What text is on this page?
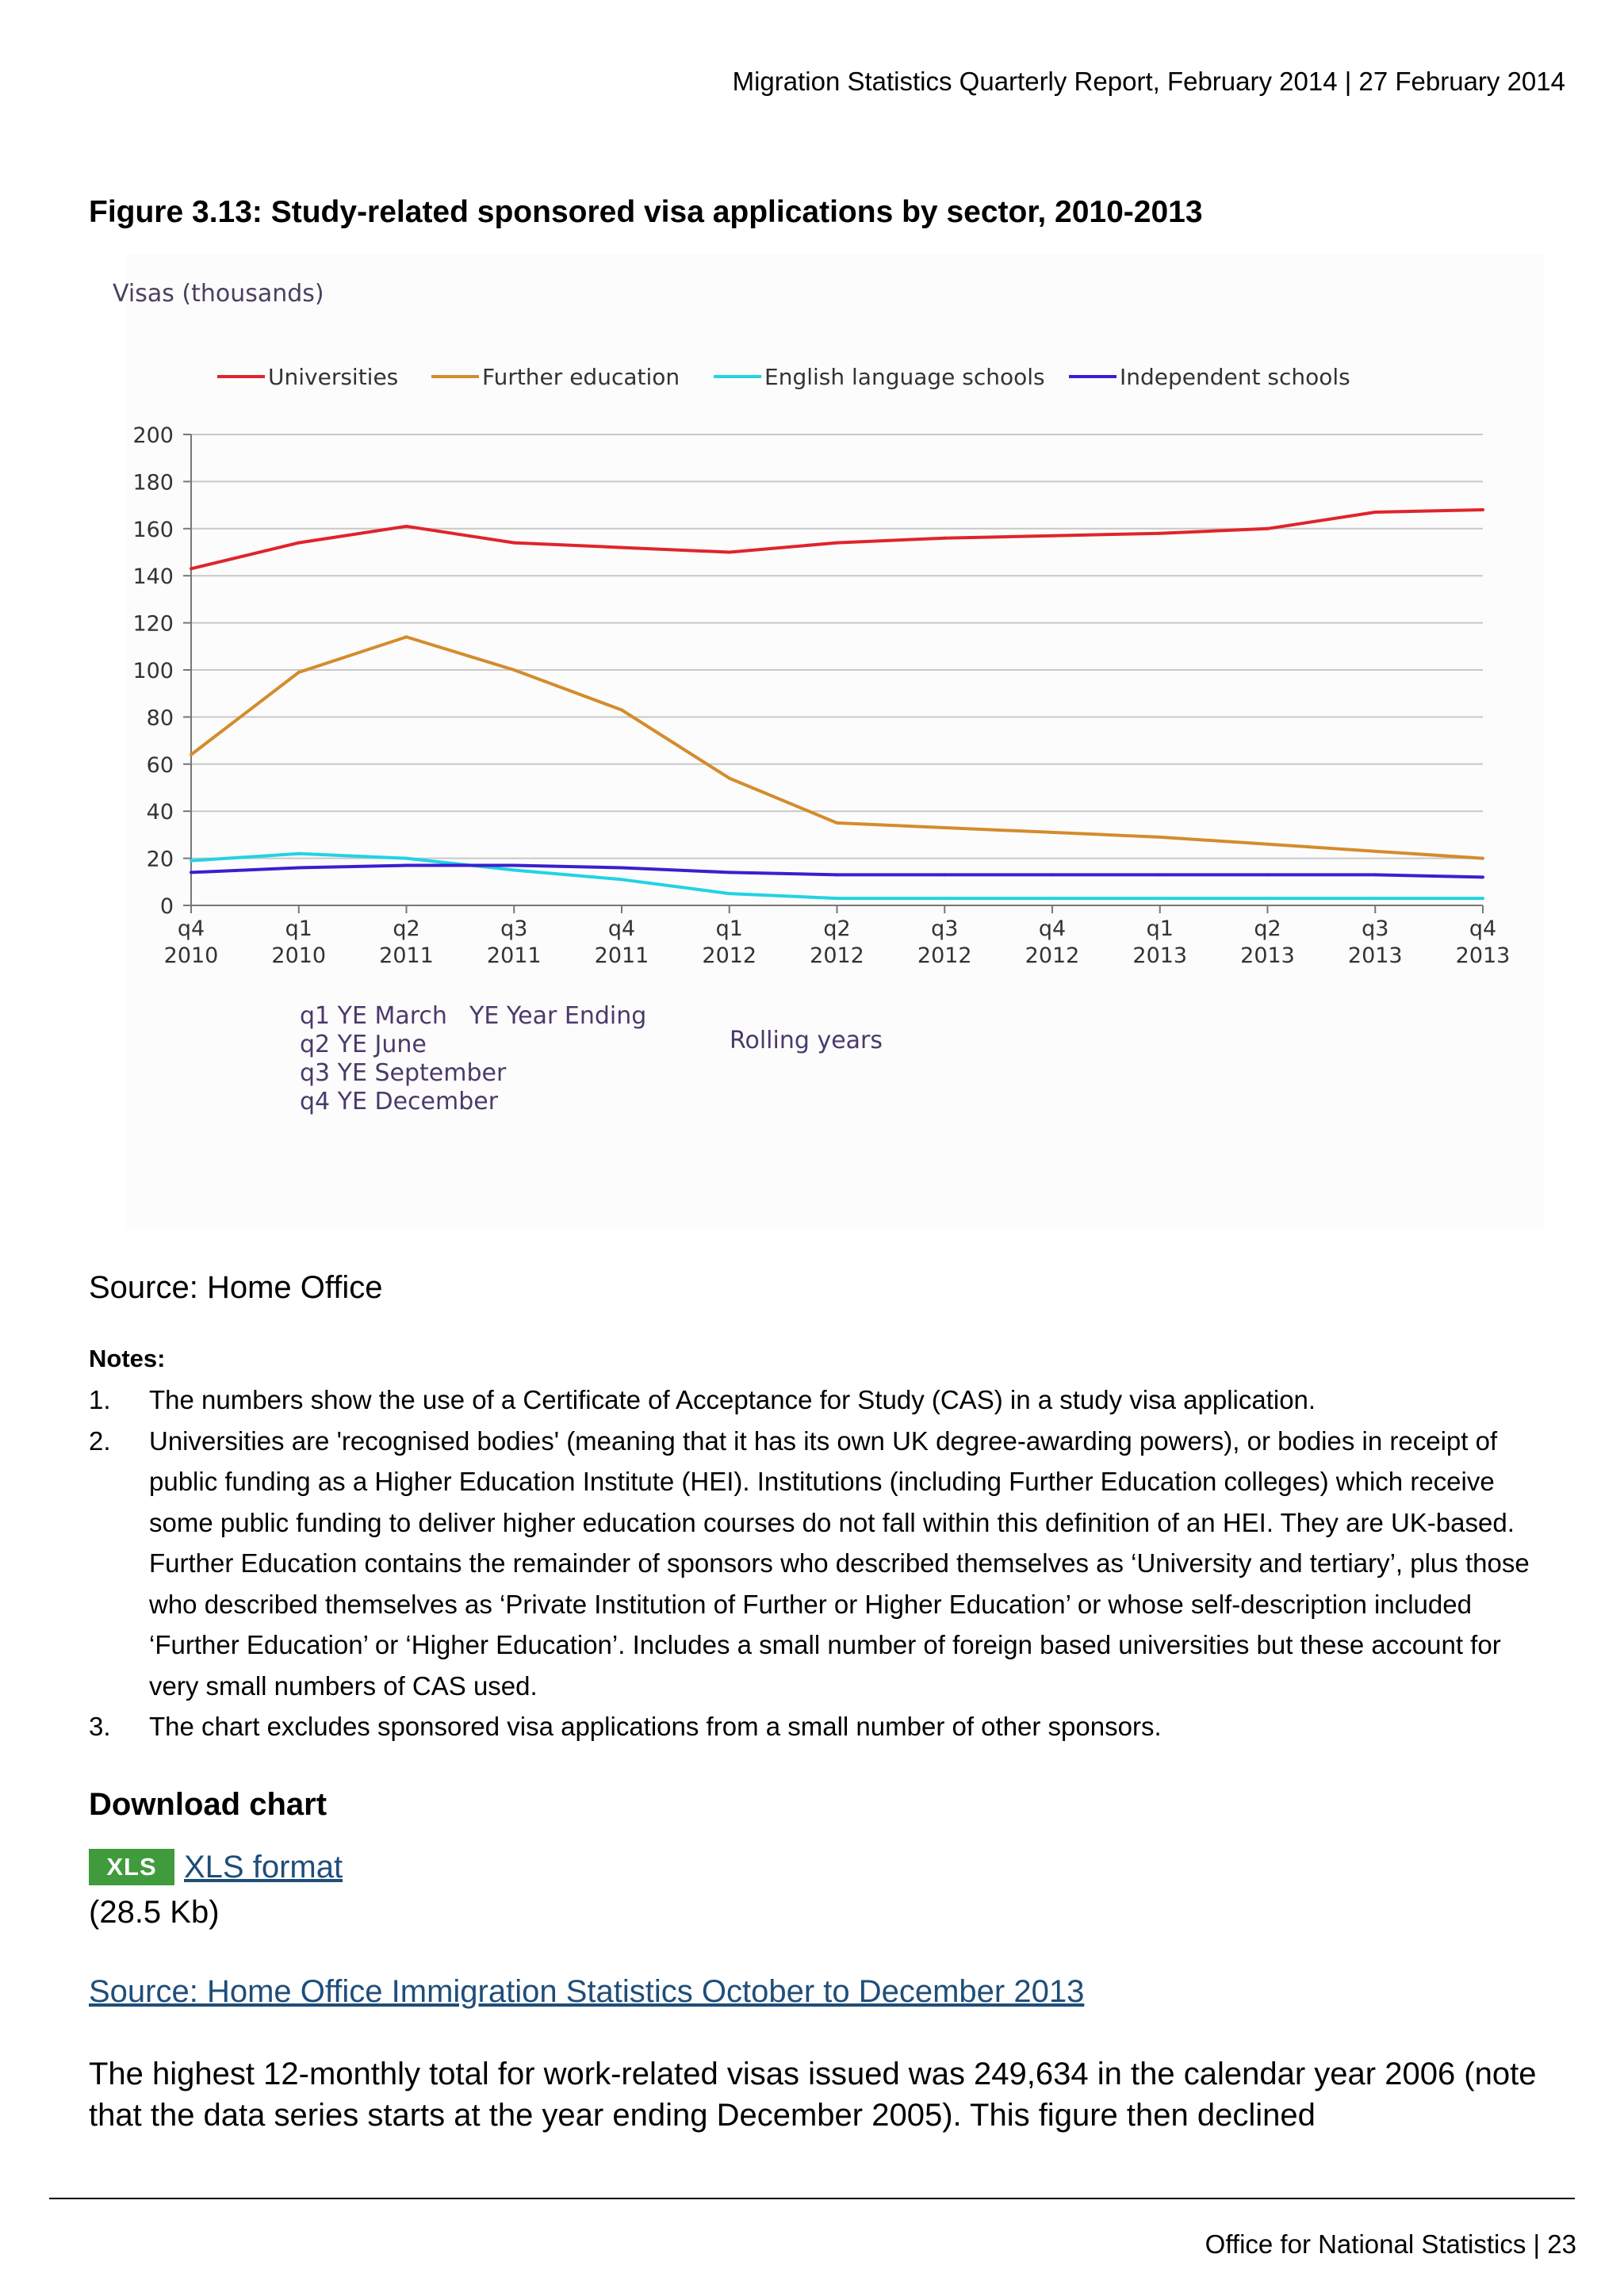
Migration Statistics Quarterly Report, February 2014 | 27 February 2014
Figure 3.13: Study-related sponsored visa applications by sector, 2010-2013
Visas (thousands)
0
20
40
60
80
100
120
140
160
180
200
q4
2010
q1
2010
q2
2011
q3
2011
q4
2011
q1
2012
q2
2012
q3
2012
q4
2012
q1
2013
q2
2013
q3
2013
q4
2013
Universities	Further education	English language schools	Independent schools
q1 YE March
q2 YE June
q3 YE September
q4 YE December
YE Year Ending
Rolling years
Source: Home Office
Notes:
1. The numbers show the use of a Certificate of Acceptance for Study (CAS) in a study visa application.
2. Universities are 'recognised bodies' (meaning that it has its own UK degree-awarding powers), or bodies in receipt of public funding as a Higher Education Institute (HEI). Institutions (including Further Education colleges) which receive some public funding to deliver higher education courses do not fall within this definition of an HEI. They are UK-based. Further Education contains the remainder of sponsors who described themselves as ‘University and tertiary’, plus those who described themselves as ‘Private Institution of Further or Higher Education’ or whose self-description included ‘Further Education’ or ‘Higher Education’. Includes a small number of foreign based universities but these account for very small numbers of CAS used.
3. The chart excludes sponsored visa applications from a small number of other sponsors.
Download chart
XLS XLS format
(28.5 Kb)
Source: Home Office Immigration Statistics October to December 2013

The highest 12-monthly total for work-related visas issued was 249,634 in the calendar year 2006 (note that the data series starts at the year ending December 2005). This figure then declined

Office for National Statistics | 23
